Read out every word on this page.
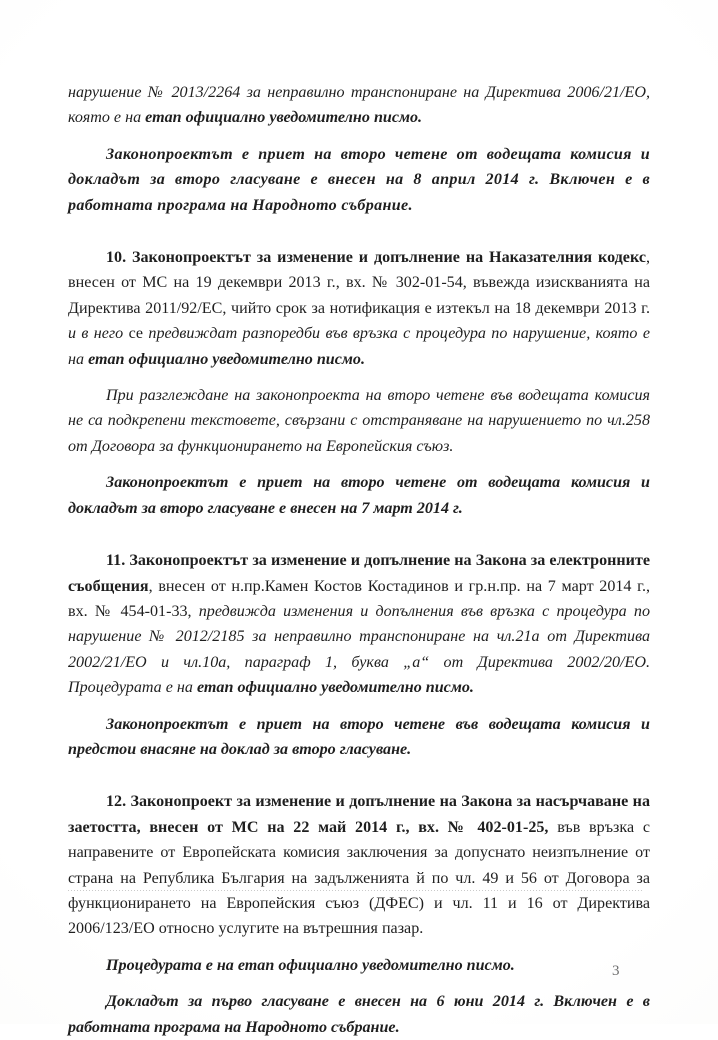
нарушение № 2013/2264 за неправилно транспониране на Директива 2006/21/ЕО, която е на етап официално уведомително писмо.

Законопроектът е приет на второ четене от водещата комисия и докладът за второ гласуване е внесен на 8 април 2014 г. Включен е в работната програма на Народното събрание.

10. Законопроектът за изменение и допълнение на Наказателния кодекс, внесен от МС на 19 декември 2013 г., вх. № 302-01-54, въвежда изискванията на Директива 2011/92/ЕС, чийто срок за нотификация е изтекъл на 18 декември 2013 г. и в него се предвиждат разпоредби във връзка с процедура по нарушение, която е на етап официално уведомително писмо.

При разглеждане на законопроекта на второ четене във водещата комисия не са подкрепени текстовете, свързани с отстраняване на нарушението по чл.258 от Договора за функционирането на Европейския съюз.

Законопроектът е приет на второ четене от водещата комисия и докладът за второ гласуване е внесен на 7 март 2014 г.

11. Законопроектът за изменение и допълнение на Закона за електронните съобщения, внесен от н.пр.Камен Костов Костадинов и гр.н.пр. на 7 март 2014 г., вх. № 454-01-33, предвижда изменения и допълнения във връзка с процедура по нарушение № 2012/2185 за неправилно транспониране на чл.21а от Директива 2002/21/ЕО и чл.10а, параграф 1, буква „а“ от Директива 2002/20/ЕО. Процедурата е на етап официално уведомително писмо.

Законопроектът е приет на второ четене във водещата комисия и предстои внасяне на доклад за второ гласуване.

12. Законопроект за изменение и допълнение на Закона за насърчаване на заетостта, внесен от МС на 22 май 2014 г., вх. № 402-01-25, във връзка с направените от Европейската комисия заключения за допуснато неизпълнение от страна на Република България на задълженията й по чл. 49 и 56 от Договора за функционирането на Европейския съюз (ДФЕС) и чл. 11 и 16 от Директива 2006/123/ЕО относно услугите на вътрешния пазар.

Процедурата е на етап официално уведомително писмо.

Докладът за първо гласуване е внесен на 6 юни 2014 г. Включен е в работната програма на Народното събрание.

3
